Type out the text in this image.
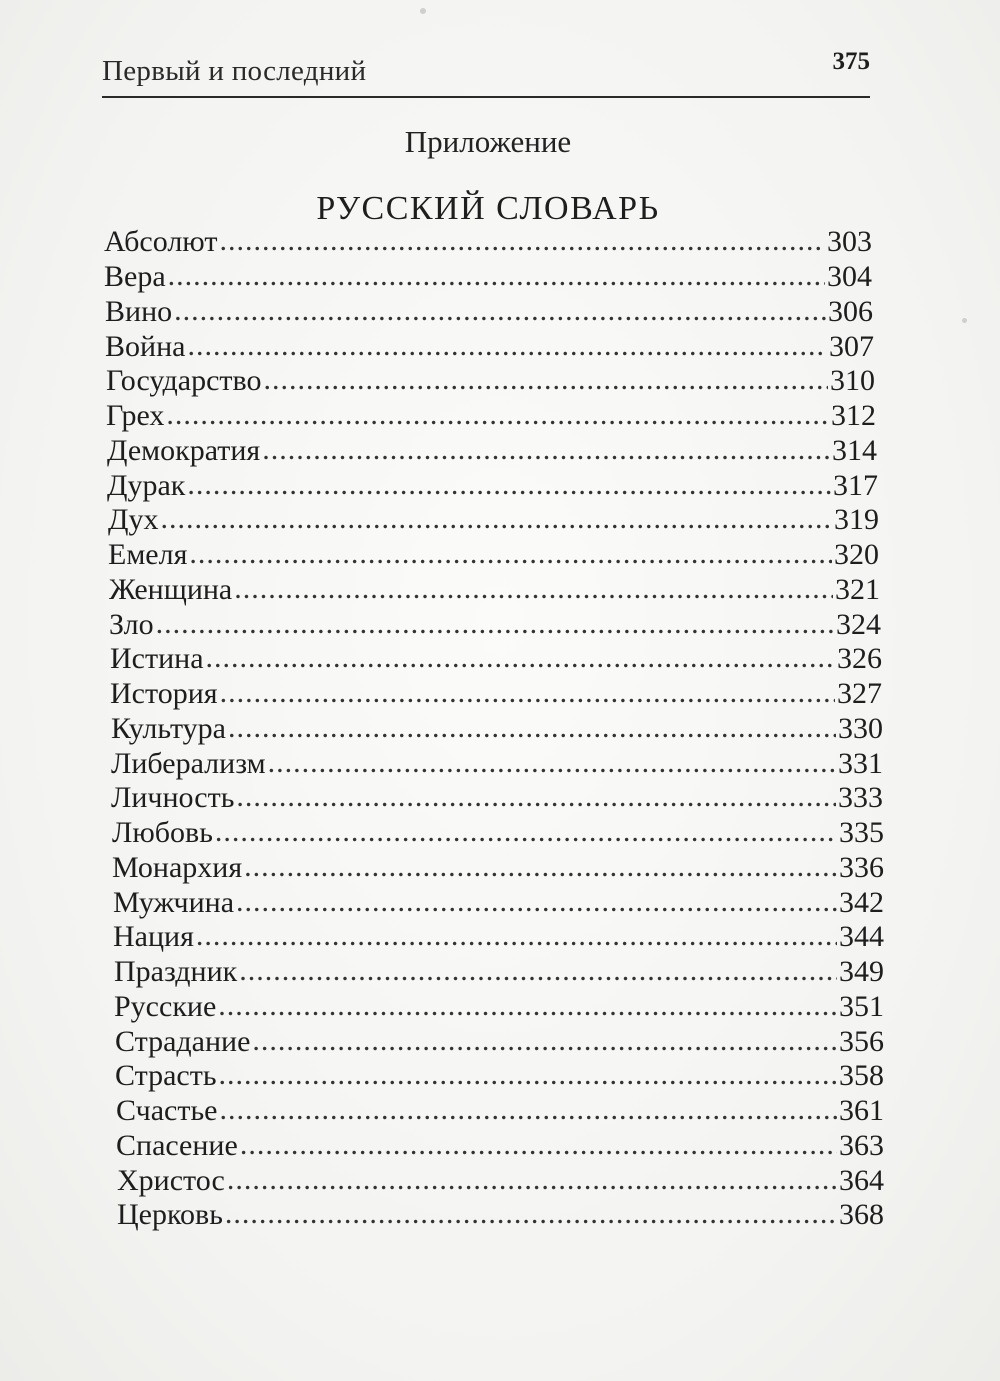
Первый и последний	375
Приложение
РУССКИЙ СЛОВАРЬ
Абсолют .....	303
Вера .....	304
Вино .....	306
Война .....	307
Государство .....	310
Грех .....	312
Демократия .....	314
Дурак .....	317
Дух .....	319
Емеля .....	320
Женщина .....	321
Зло .....	324
Истина .....	326
История .....	327
Культура .....	330
Либерализм .....	331
Личность .....	333
Любовь .....	335
Монархия .....	336
Мужчина .....	342
Нация .....	344
Праздник .....	349
Русские .....	351
Страдание .....	356
Страсть .....	358
Счастье .....	361
Спасение .....	363
Христос .....	364
Церковь .....	368
